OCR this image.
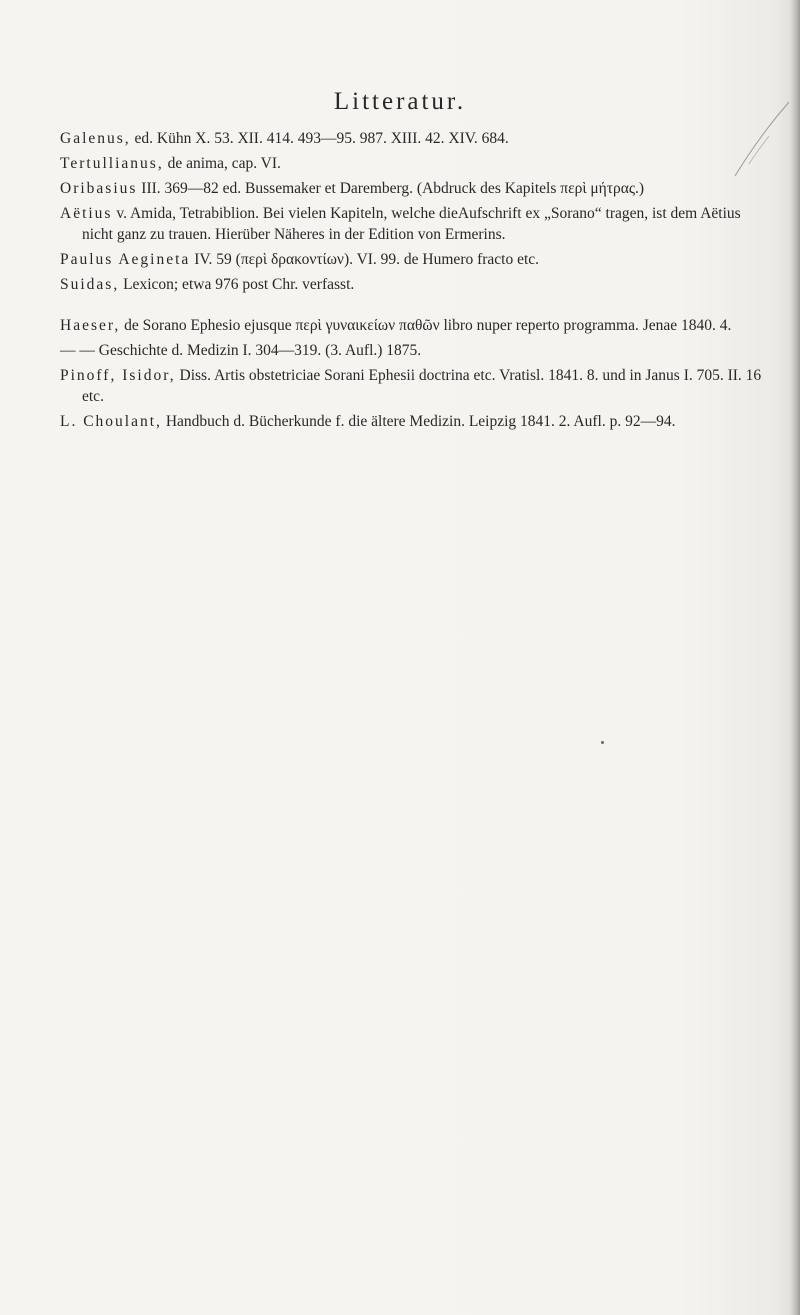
Litteratur.

Galenus, ed. Kühn X. 53. XII. 414. 493—95. 987. XIII. 42. XIV. 684.

Tertullianus, de anima, cap. VI.

Oribasius III. 369—82 ed. Bussemaker et Daremberg. (Abdruck des Kapitels περὶ μήτρας.)

Aëtius v. Amida, Tetrabiblion. Bei vielen Kapiteln, welche dieAufschrift ex „Sorano“ tragen, ist dem Aëtius nicht ganz zu trauen. Hierüber Näheres in der Edition von Ermerins.

Paulus Aegineta IV. 59 (περὶ δρακοντίων). VI. 99. de Humero fracto etc.

Suidas, Lexicon; etwa 976 post Chr. verfasst.

Haeser, de Sorano Ephesio ejusque περὶ γυναικείων παθῶν libro nuper reperto programma. Jenae 1840. 4.

— — Geschichte d. Medizin I. 304—319. (3. Aufl.) 1875.

Pinoff, Isidor, Diss. Artis obstetriciae Sorani Ephesii doctrina etc. Vratisl. 1841. 8. und in Janus I. 705. II. 16 etc.

L. Choulant, Handbuch d. Bücherkunde f. die ältere Medizin. Leipzig 1841. 2. Aufl. p. 92—94.
